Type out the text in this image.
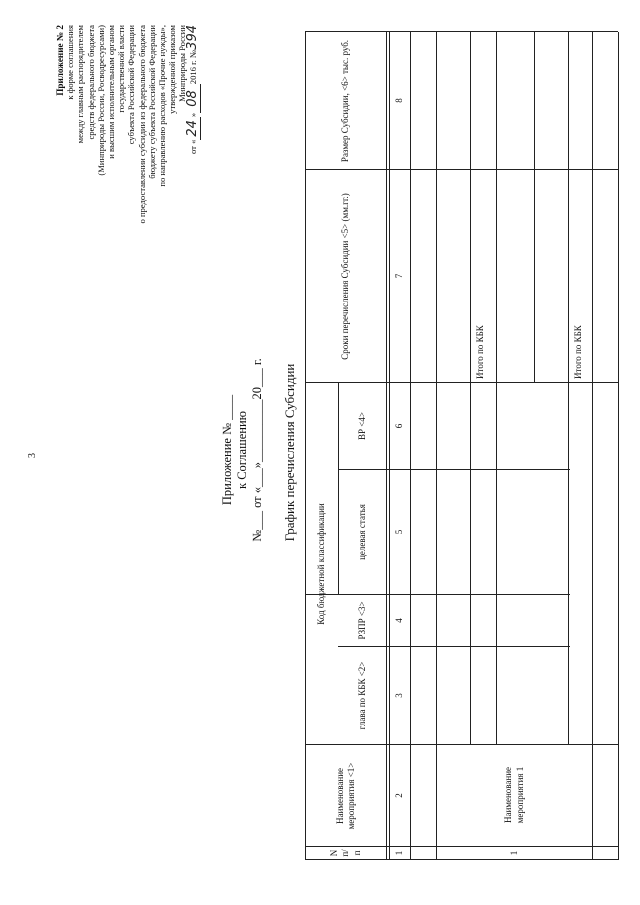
3
Приложение № 2 к форме соглашения между главным распорядителем средств федерального бюджета (Минприроды России, Росводресурсами) и высшим исполнительным органом государственной власти субъекта Российской Федерации о предоставлении субсидии из федерального бюджета бюджету субъекта Российской Федерации по направлению расходов «Прочие нужды», утвержденной приказом Минприроды России
от «24»082016 г. №394
Приложение № ____ к Соглашению №___ от «___»__________20___ г. График перечисления Субсидии
N п/п
Наименование мероприятия <1>
Код бюджетной классификации
глава по КБК <2>
РЗПР <3>
целевая статья
ВР <4>
Сроки перечисления Субсидии <5> (мм.гг.)
Размер Субсидии, <6> тыс. руб.
1
2
3
4
5
6
7
8
1
Наименование мероприятия 1
Итого по КБК	Итого по КБК
